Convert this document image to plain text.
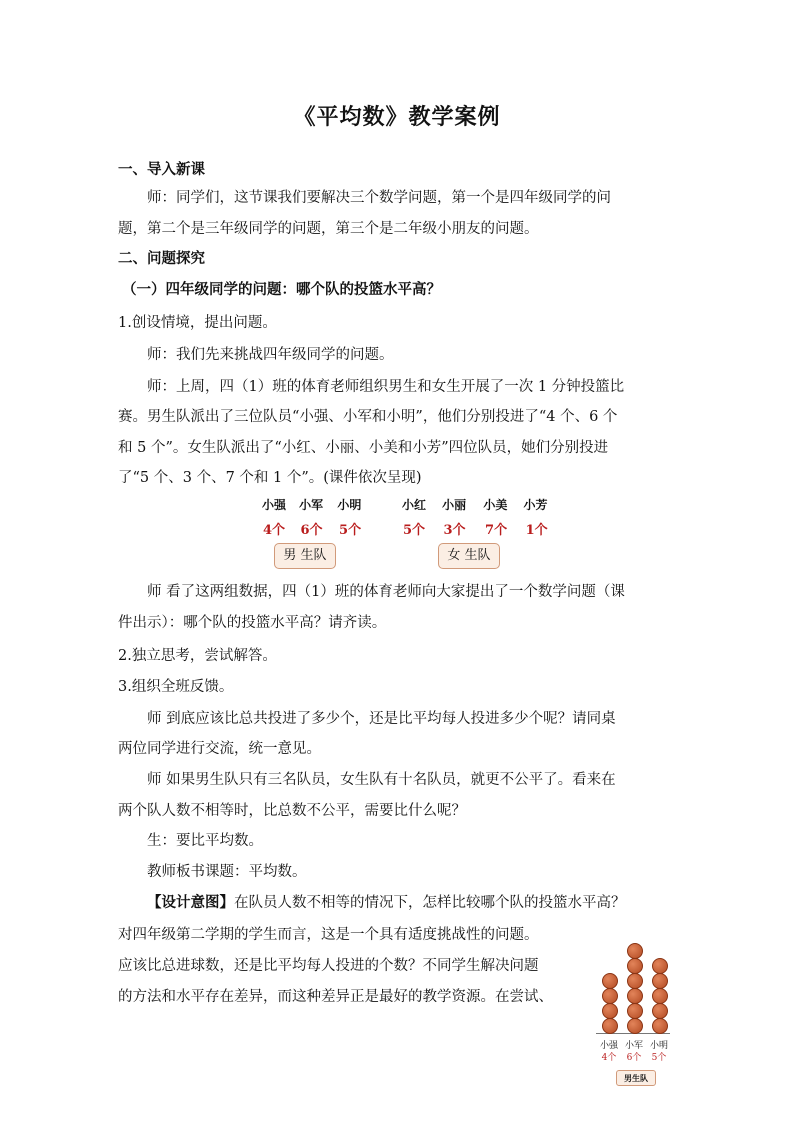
《平均数》教学案例
一、导入新课
师：同学们，这节课我们要解决三个数学问题，第一个是四年级同学的问
题，第二个是三年级同学的问题，第三个是二年级小朋友的问题。
二、问题探究
（一）四年级同学的问题：哪个队的投篮水平高？
1.创设情境，提出问题。
师：我们先来挑战四年级同学的问题。
师：上周，四（1）班的体育老师组织男生和女生开展了一次 1 分钟投篮比
赛。男生队派出了三位队员“小强、小军和小明”，他们分别投进了“4 个、6 个
和 5 个”。女生队派出了“小红、小丽、小美和小芳”四位队员，她们分别投进
了“5 个、3 个、7 个和 1 个”。(课件依次呈现)
小强 小军 小明
4个 6个 5个
男 生队
小红 小丽 小美 小芳
5个 3个 7个 1个
女 生队
师 看了这两组数据，四（1）班的体育老师向大家提出了一个数学问题（课
件出示）：哪个队的投篮水平高？请齐读。
2.独立思考，尝试解答。
3.组织全班反馈。
师 到底应该比总共投进了多少个，还是比平均每人投进多少个呢？请同桌
两位同学进行交流，统一意见。
师 如果男生队只有三名队员，女生队有十名队员，就更不公平了。看来在
两个队人数不相等时，比总数不公平，需要比什么呢？
生：要比平均数。
教师板书课题：平均数。
【设计意图】在队员人数不相等的情况下，怎样比较哪个队的投篮水平高？
对四年级第二学期的学生而言，这是一个具有适度挑战性的问题。
应该比总进球数，还是比平均每人投进的个数？不同学生解决问题
的方法和水平存在差异，而这种差异正是最好的教学资源。在尝试、
小强 小军 小明
4个	6个	5个
男生队
